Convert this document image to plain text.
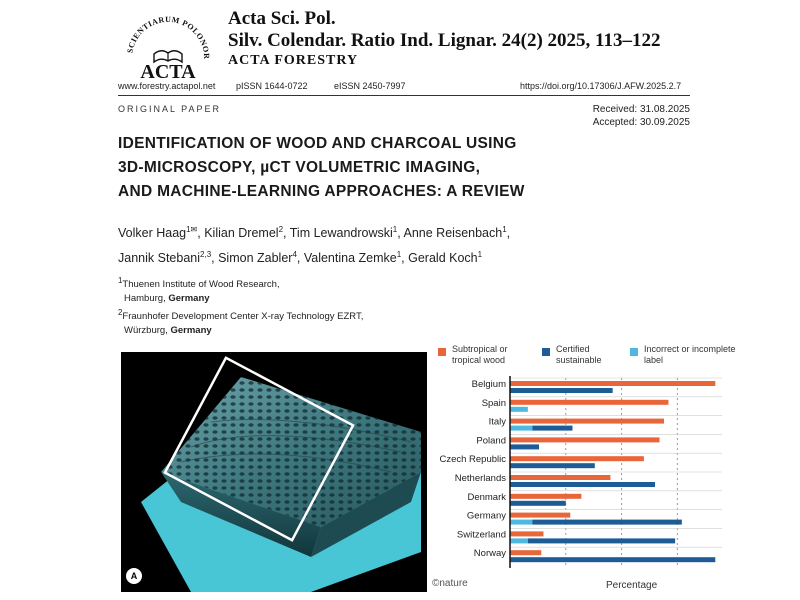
SCIENTIARUM POLONOR
ACTA
Acta Sci. Pol.
Silv. Colendar. Ratio Ind. Lignar. 24(2) 2025, 113–122
ACTA FORESTRY
www.forestry.actapol.net pISSN 1644-0722	eISSN 2450-7997	https://doi.org/10.17306/J.AFW.2025.2.7
ORIGINAL PAPER	Received: 31.08.2025
Accepted: 30.09.2025
IDENTIFICATION OF WOOD AND CHARCOAL USING
3D-MICROSCOPY, µCT VOLUMETRIC IMAGING,
AND MACHINE-LEARNING APPROACHES: A REVIEW
Volker Haag$^{1✉}$, Kilian Dremel$^2$, Tim Lewandrowski$^1$, Anne Reisenbach$^1$,
Jannik Stebani$^{2,3}$, Simon Zabler$^4$, Valentina Zemke$^1$, Gerald Koch$^1$
$^1$Thuenen Institute of Wood Research,
Hamburg, Germany
$^2$Fraunhofer Development Center X-ray Technology EZRT,
Würzburg, Germany
A
©nature
Subtropical or tropical wood
Certified sustainable
Incorrect or incomplete label
Belgium
Spain
Italy
Poland
Czech Republic
Netherlands
Denmark
Germany
Switzerland
Norway
Percentage
